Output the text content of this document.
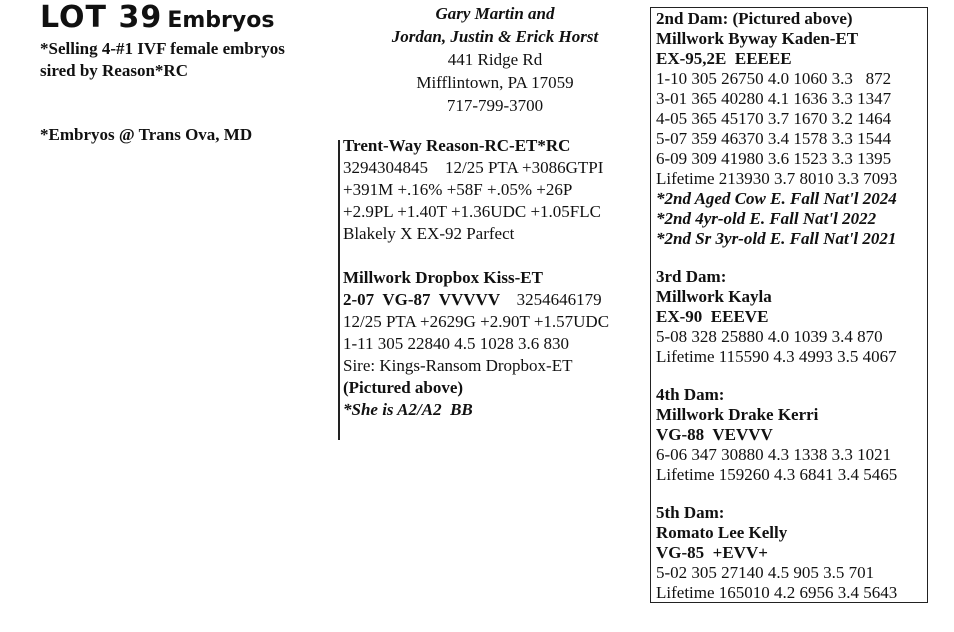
LOT 39 Embryos
*Selling 4-#1 IVF female embryos
sired by Reason*RC
*Embryos @ Trans Ova, MD
Gary Martin and
Jordan, Justin & Erick Horst
441 Ridge Rd
Mifflintown, PA 17059
717-799-3700
Trent-Way Reason-RC-ET*RC
3294304845    12/25 PTA +3086GTPI
+391M +.16% +58F +.05% +26P
+2.9PL +1.40T +1.36UDC +1.05FLC
Blakely X EX-92 Parfect
Millwork Dropbox Kiss-ET
2-07  VG-87  VVVVV 3254646179
12/25 PTA +2629G +2.90T +1.57UDC
1-11 305 22840 4.5 1028 3.6 830
Sire: Kings-Ransom Dropbox-ET
(Pictured above)
*She is A2/A2  BB
2nd Dam: (Pictured above)
Millwork Byway Kaden-ET
EX-95,2E  EEEEE
1-10 305 26750 4.0 1060 3.3   872
3-01 365 40280 4.1 1636 3.3 1347
4-05 365 45170 3.7 1670 3.2 1464
5-07 359 46370 3.4 1578 3.3 1544
6-09 309 41980 3.6 1523 3.3 1395
Lifetime 213930 3.7 8010 3.3 7093
*2nd Aged Cow E. Fall Nat'l 2024
*2nd 4yr-old E. Fall Nat'l 2022
*2nd Sr 3yr-old E. Fall Nat'l 2021
3rd Dam:
Millwork Kayla
EX-90  EEEVE
5-08 328 25880 4.0 1039 3.4 870
Lifetime 115590 4.3 4993 3.5 4067
4th Dam:
Millwork Drake Kerri
VG-88  VEVVV
6-06 347 30880 4.3 1338 3.3 1021
Lifetime 159260 4.3 6841 3.4 5465
5th Dam:
Romato Lee Kelly
VG-85  +EVV+
5-02 305 27140 4.5 905 3.5 701
Lifetime 165010 4.2 6956 3.4 5643
